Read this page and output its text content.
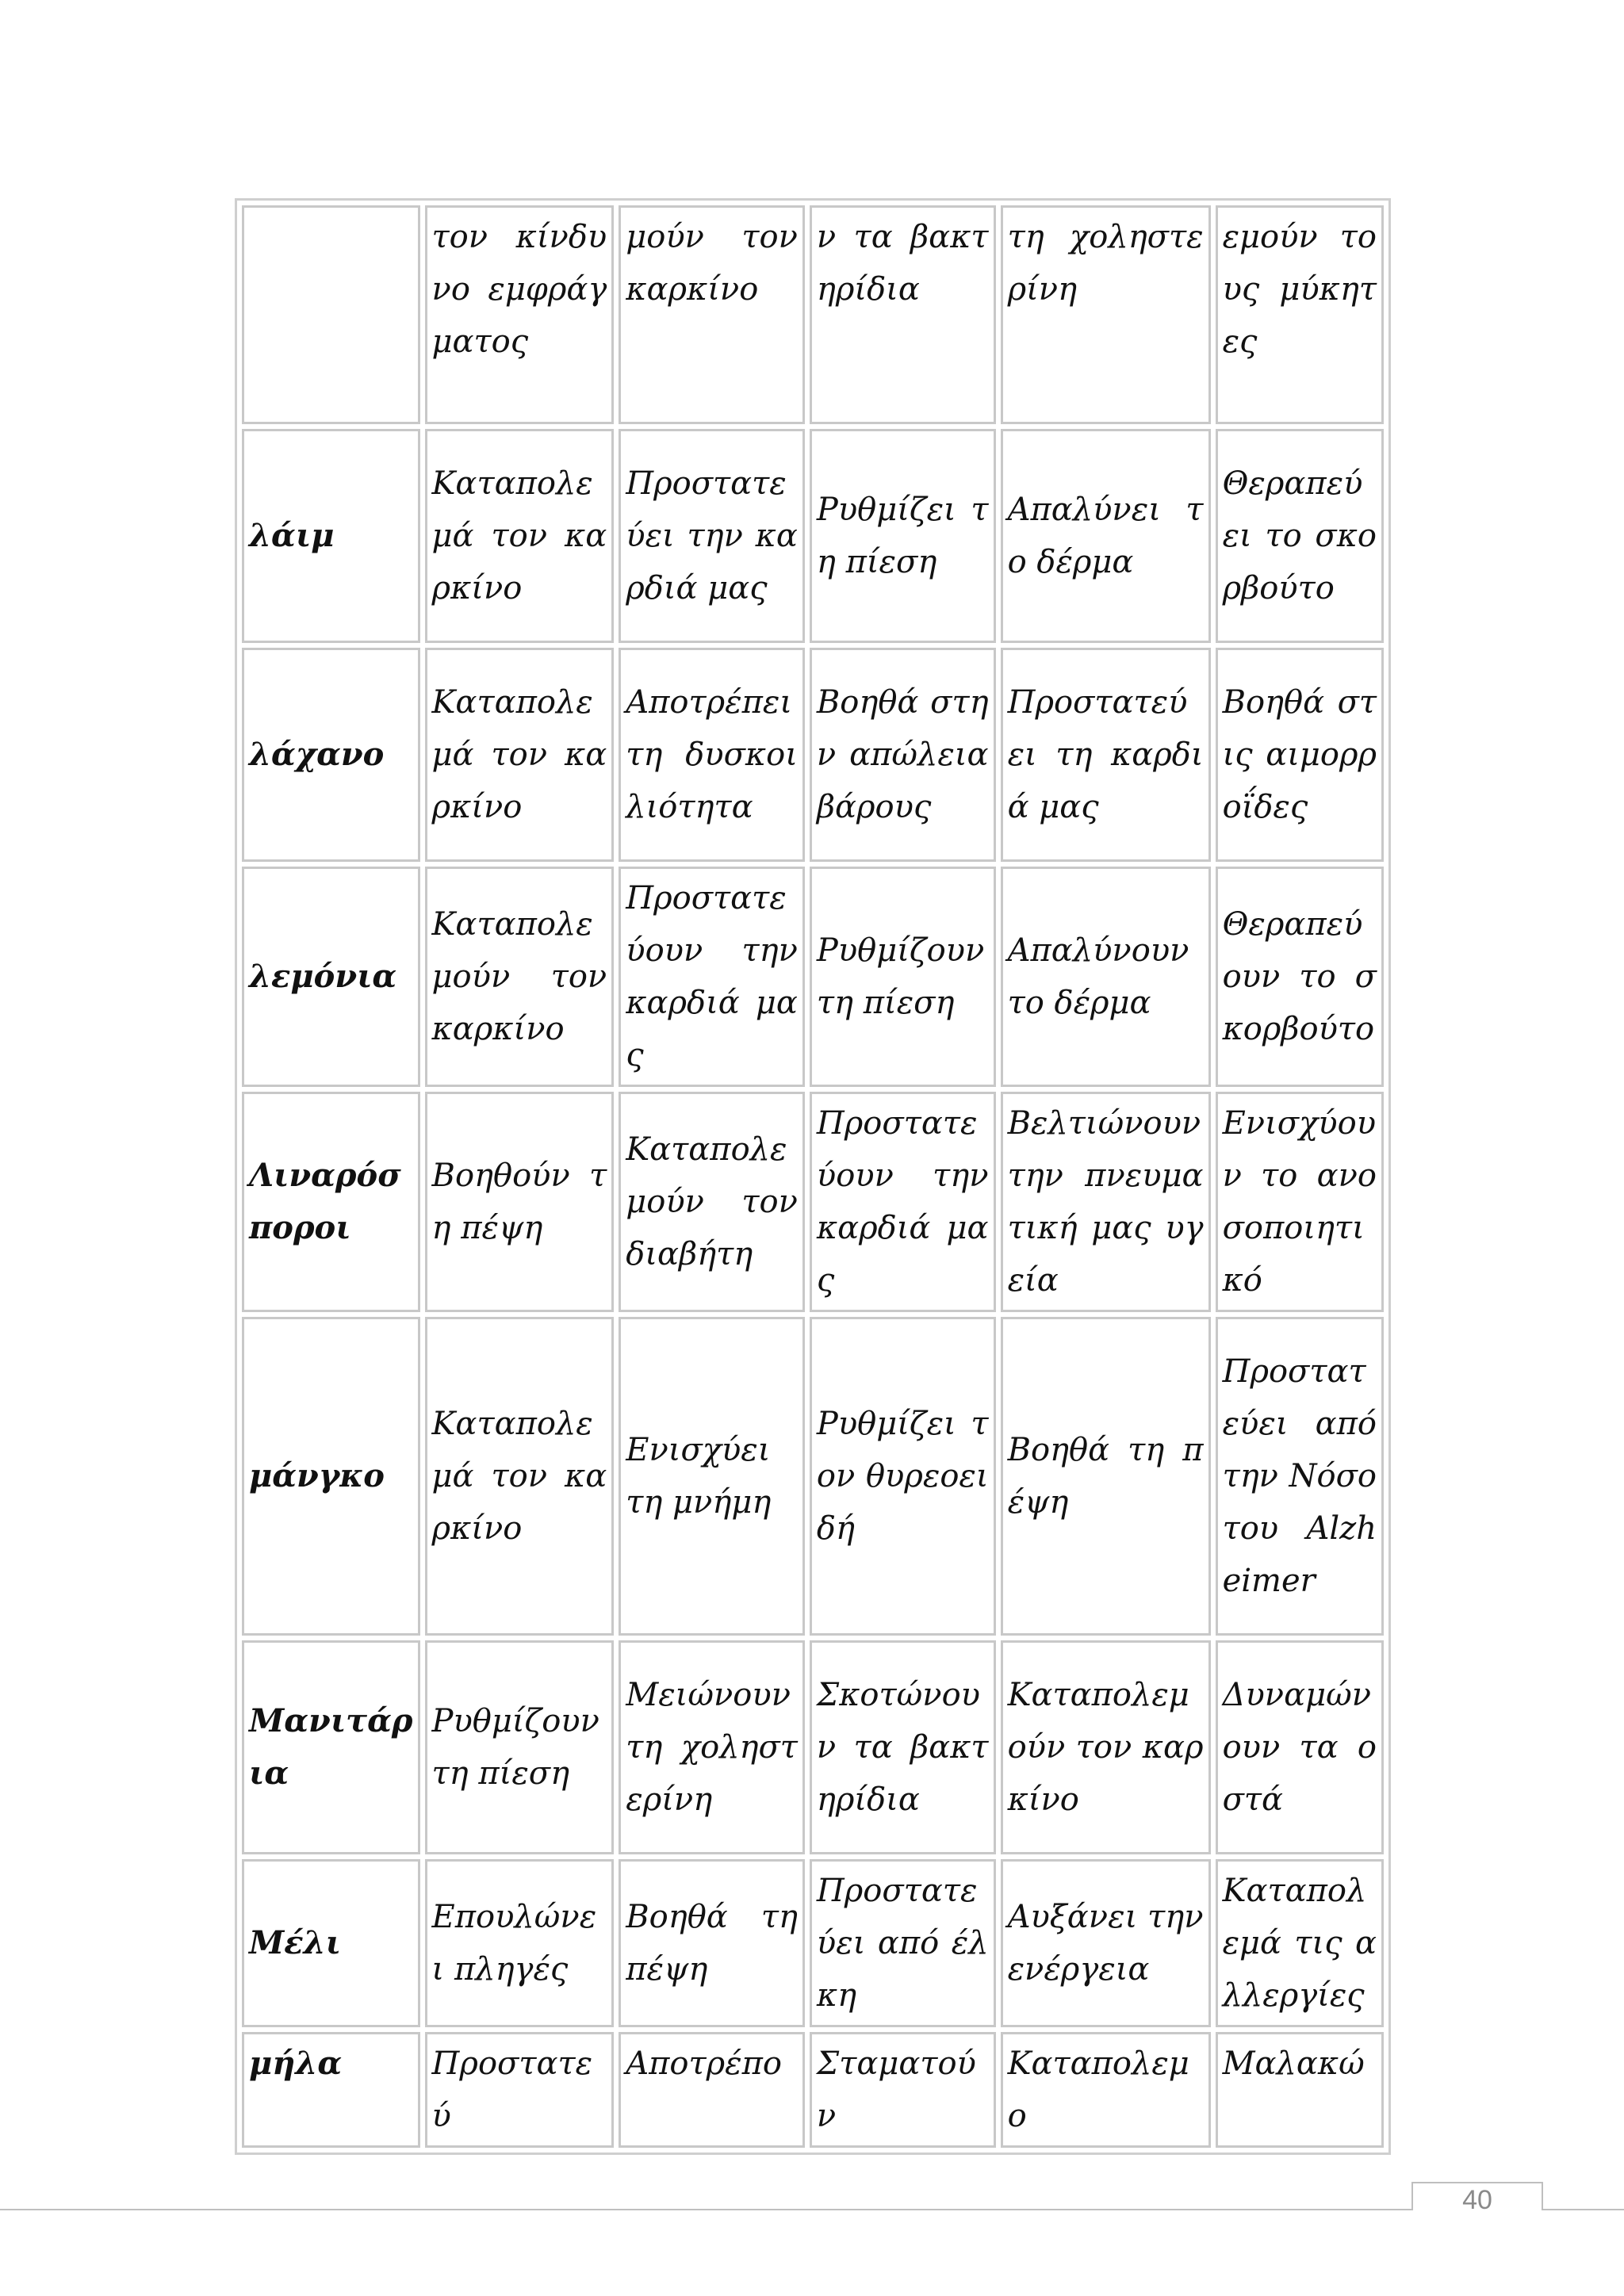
	τον κίνδυνο εμφράγματος	μούν τον καρκίνο	ν τα βακτηρίδια	τη χοληστερίνη	εμούν τους μύκητες
λάιμ	Καταπολεμά τον καρκίνο	Προστατεύει την καρδιά μας	Ρυθμίζει τη πίεση	Απαλύνει το δέρμα	Θεραπεύει το σκορβούτο
λάχανο	Καταπολεμά τον καρκίνο	Αποτρέπει τη δυσκοιλιότητα	Βοηθά στην απώλεια βάρους	Προστατεύει τη καρδιά μας	Βοηθά στις αιμορροΐδες
λεμόνια	Καταπολεμούν τον καρκίνο	Προστατεύουν την καρδιά μας	Ρυθμίζουν τη πίεση	Απαλύνουν το δέρμα	Θεραπεύουν το σκορβούτο
Λιναρόσποροι	Βοηθούν τη πέψη	Καταπολεμούν τον διαβήτη	Προστατεύουν την καρδιά μας	Βελτιώνουν την πνευματική μας υγεία	Ενισχύουν το ανοσοποιητικό
μάνγκο	Καταπολεμά τον καρκίνο	Ενισχύει τη μνήμη	Ρυθμίζει τον θυρεοειδή	Βοηθά τη πέψη	Προστατεύει από την Νόσο του Alzheimer
Μανιτάρια	Ρυθμίζουν τη πίεση	Μειώνουν τη χοληστερίνη	Σκοτώνουν τα βακτηρίδια	Καταπολεμούν τον καρκίνο	Δυναμώνουν τα οστά
Μέλι	Επουλώνει πληγές	Βοηθά τη πέψη	Προστατεύει από έλκη	Αυξάνει την ενέργεια	Καταπολεμά τις αλλεργίες
μήλα	Προστατεύ	Αποτρέπο	Σταματούν	Καταπολεμο	Μαλακώ
40
